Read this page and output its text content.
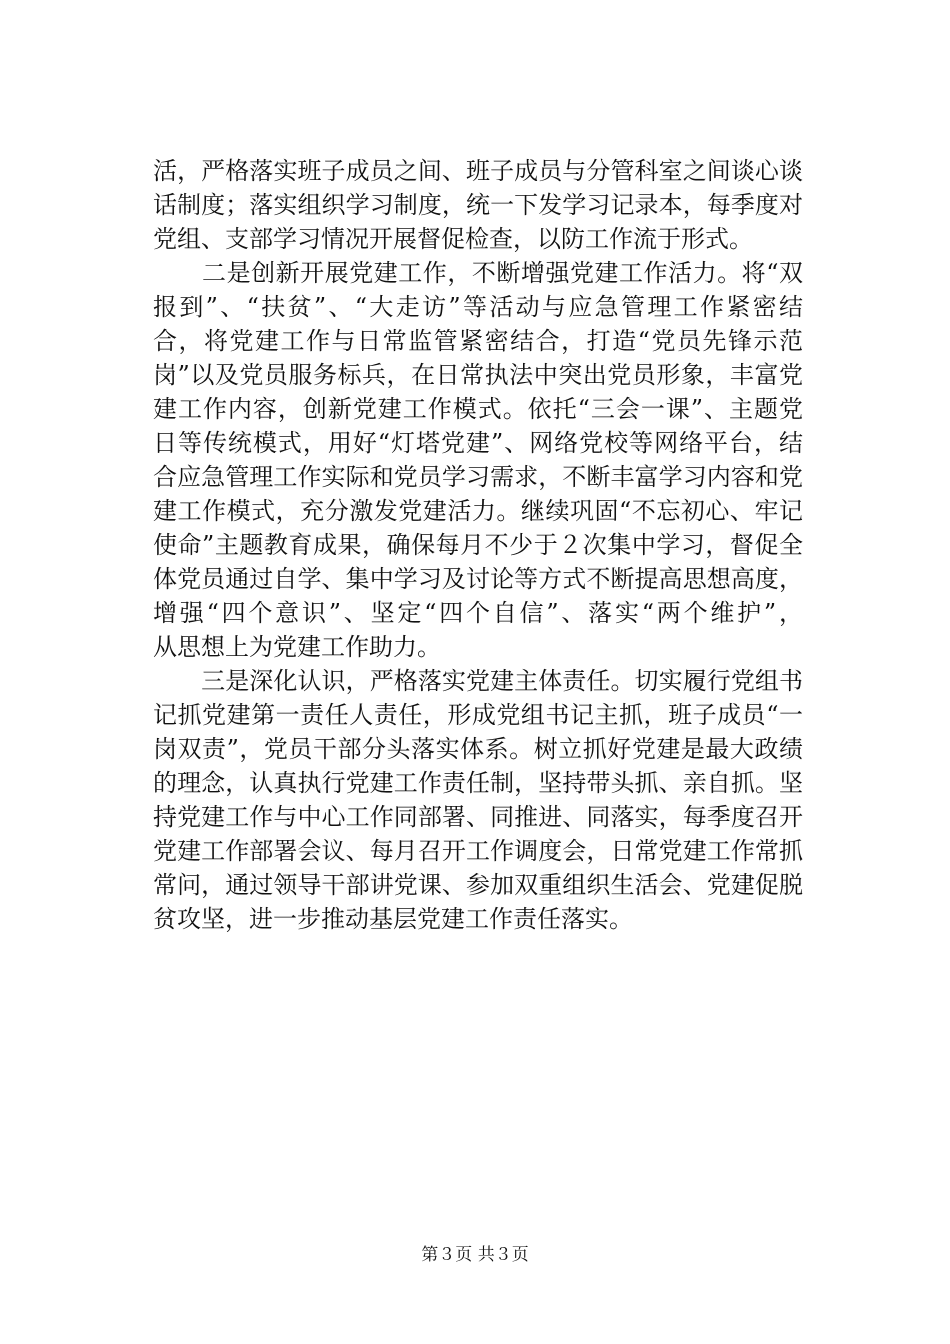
活，严格落实班子成员之间、班子成员与分管科室之间谈心谈
话制度；落实组织学习制度，统一下发学习记录本，每季度对
党组、支部学习情况开展督促检查，以防工作流于形式。
　　二是创新开展党建工作，不断增强党建工作活力。将“双
报到”、“扶贫”、“大走访”等活动与应急管理工作紧密结
合，将党建工作与日常监管紧密结合，打造“党员先锋示范
岗”以及党员服务标兵，在日常执法中突出党员形象，丰富党
建工作内容，创新党建工作模式。依托“三会一课”、主题党
日等传统模式，用好“灯塔党建”、网络党校等网络平台，结
合应急管理工作实际和党员学习需求，不断丰富学习内容和党
建工作模式，充分激发党建活力。继续巩固“不忘初心、牢记
使命”主题教育成果，确保每月不少于２次集中学习，督促全
体党员通过自学、集中学习及讨论等方式不断提高思想高度，
增强“四个意识”、坚定“四个自信”、落实“两个维护”，
从思想上为党建工作助力。
　　三是深化认识，严格落实党建主体责任。切实履行党组书
记抓党建第一责任人责任，形成党组书记主抓，班子成员“一
岗双责”，党员干部分头落实体系。树立抓好党建是最大政绩
的理念，认真执行党建工作责任制，坚持带头抓、亲自抓。坚
持党建工作与中心工作同部署、同推进、同落实，每季度召开
党建工作部署会议、每月召开工作调度会，日常党建工作常抓
常问，通过领导干部讲党课、参加双重组织生活会、党建促脱
贫攻坚，进一步推动基层党建工作责任落实。
第３页 共３页
